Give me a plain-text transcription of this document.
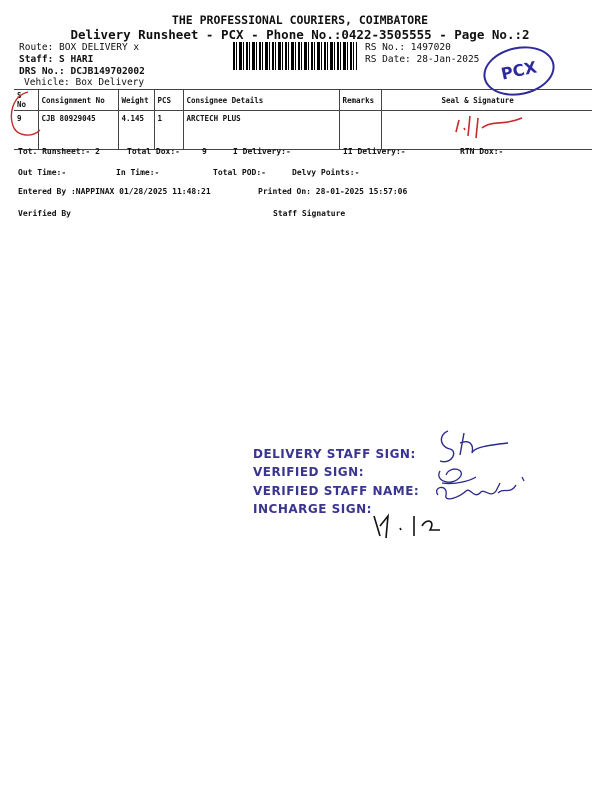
THE PROFESSIONAL COURIERS, COIMBATORE
Delivery Runsheet - PCX - Phone No.:0422-3505555 - Page No.:2
Route: BOX DELIVERY x
Staff: S HARI
DRS No.: DCJB149702002
Vehicle: Box Delivery
RS No.: 1497020
RS Date: 28-Jan-2025	PCX
S No	Consignment No	Weight	PCS	Consignee Details	Remarks	Seal & Signature
9	CJB 80929045	4.145	1	ARCTECH PLUS		
Tot. Runsheet:- 2	Total Dox:-	9	I Delivery:-	II Delivery:-	RTN Dox:-
Out Time:-	In Time:-	Total POD:-	Delvy Points:-
Entered By :NAPPINAX 01/28/2025 11:48:21	Printed On: 28-01-2025 15:57:06
Verified By	Staff Signature
DELIVERY STAFF SIGN:
VERIFIED SIGN:
VERIFIED STAFF NAME:
INCHARGE SIGN:
